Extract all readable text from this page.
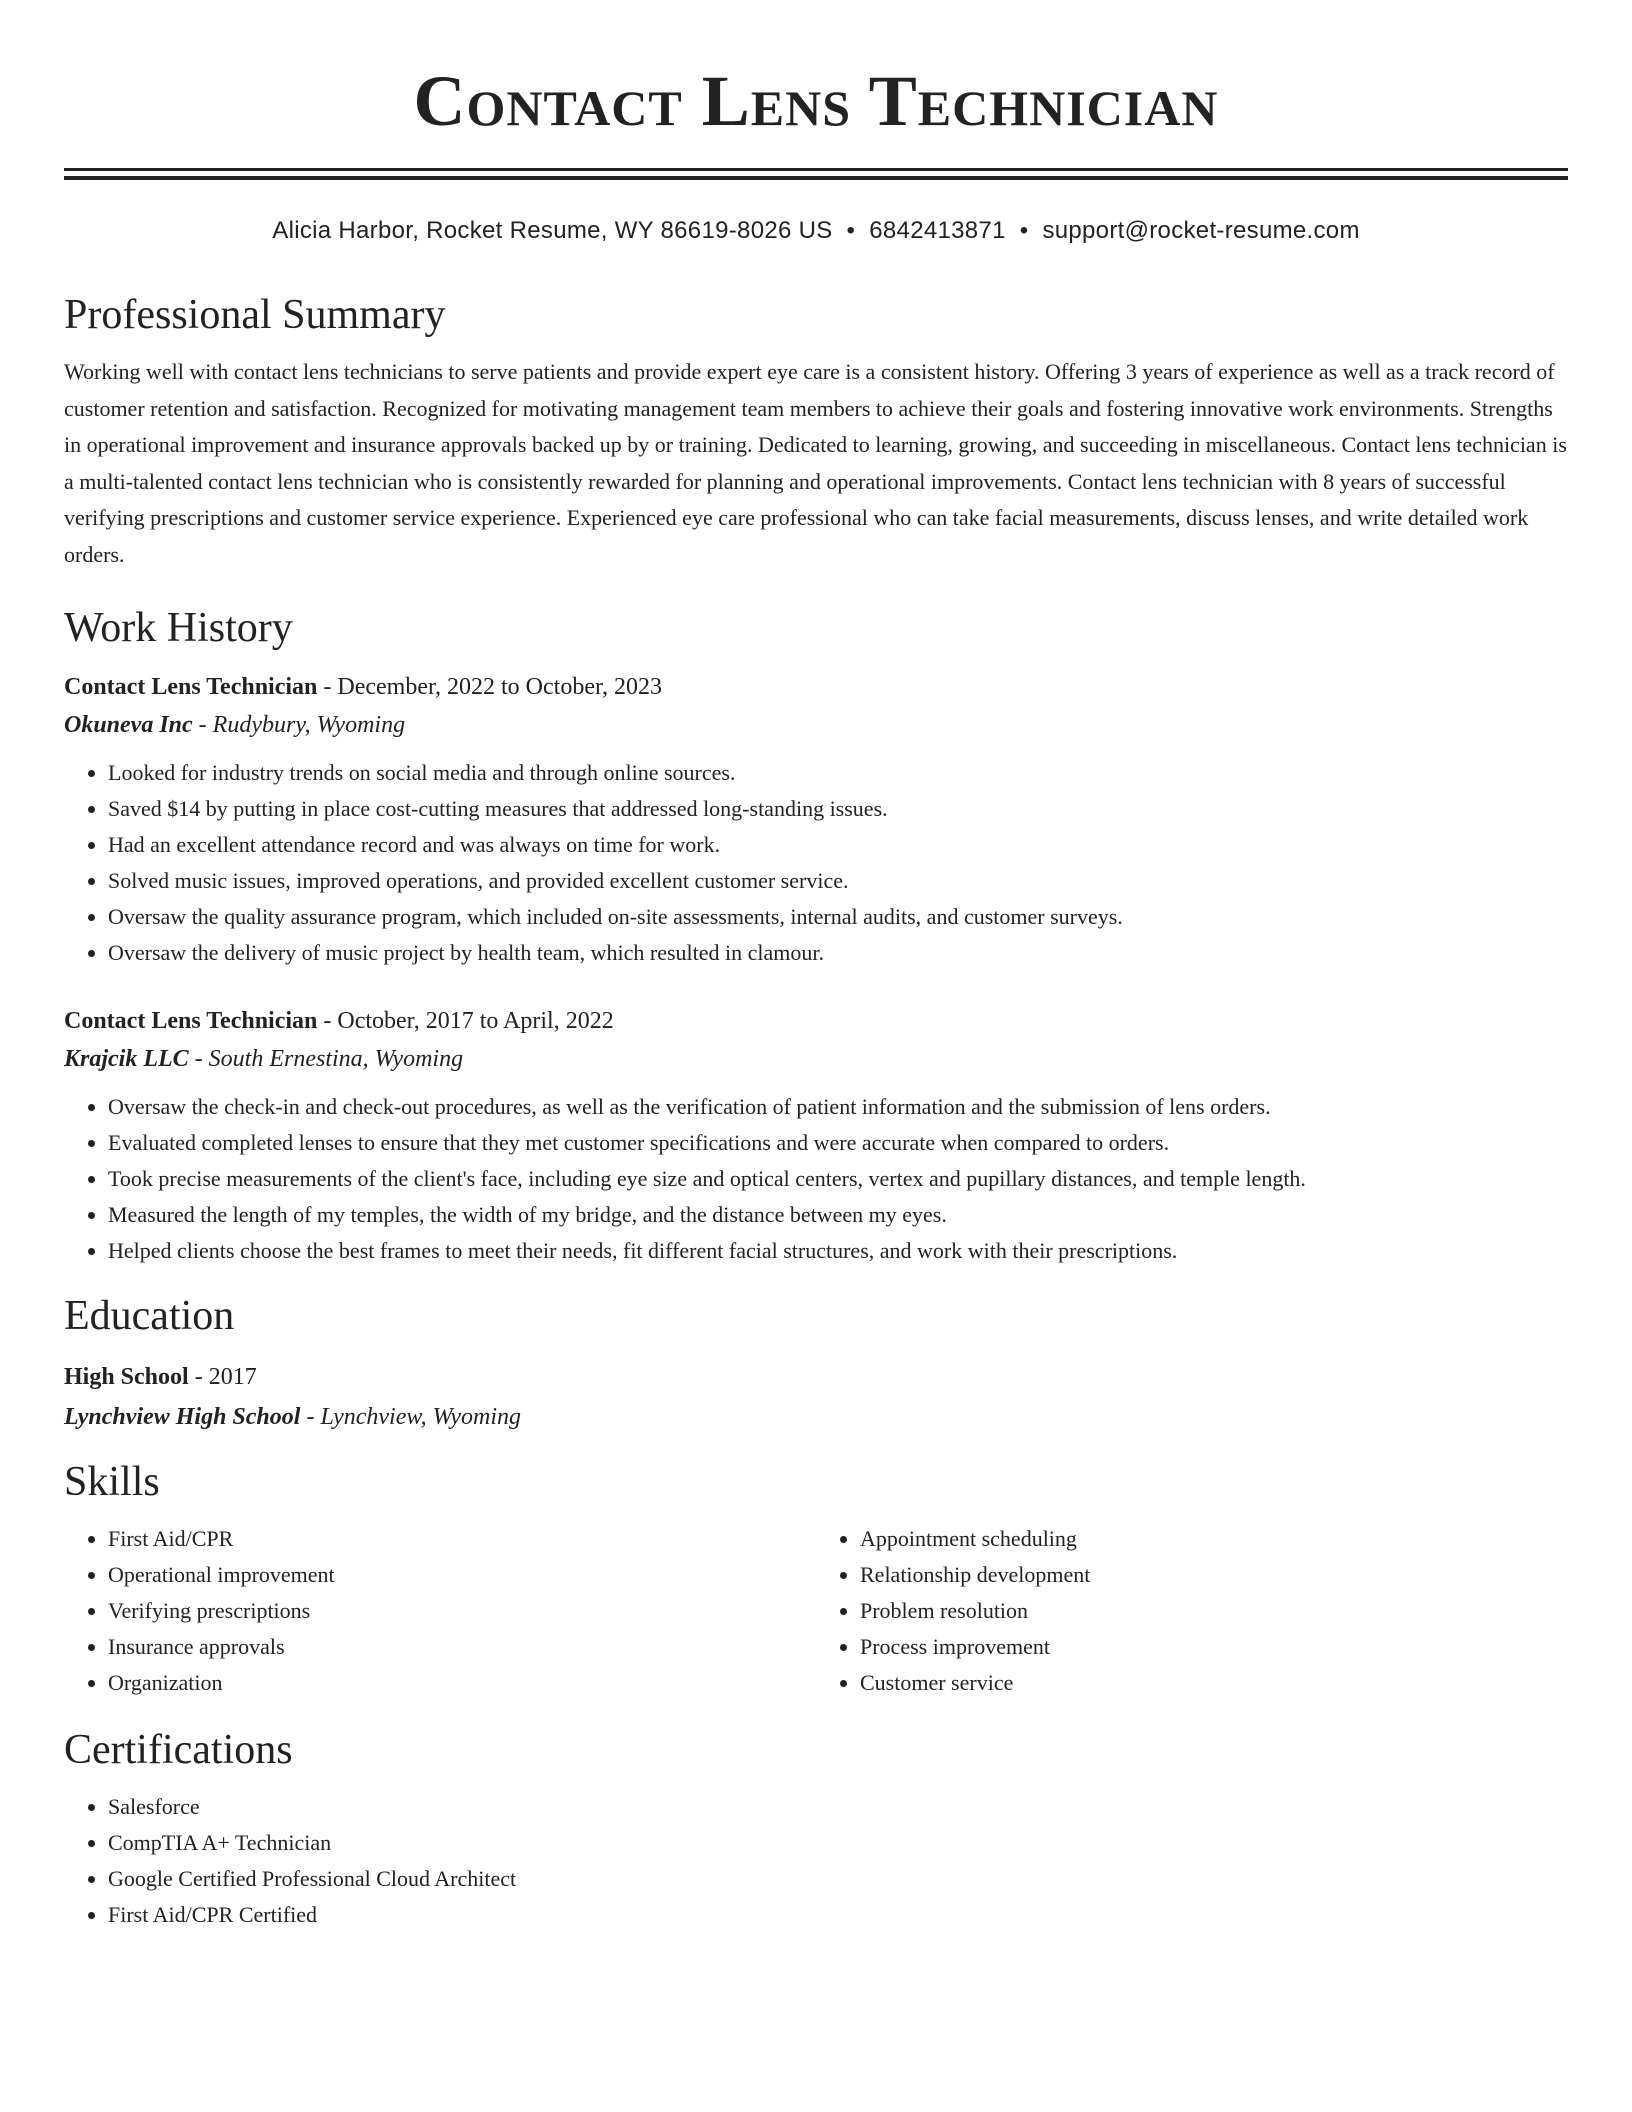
Contact Lens Technician
Alicia Harbor, Rocket Resume, WY 86619-8026 US • 6842413871 • support@rocket-resume.com
Professional Summary
Working well with contact lens technicians to serve patients and provide expert eye care is a consistent history. Offering 3 years of experience as well as a track record of customer retention and satisfaction. Recognized for motivating management team members to achieve their goals and fostering innovative work environments. Strengths in operational improvement and insurance approvals backed up by or training. Dedicated to learning, growing, and succeeding in miscellaneous. Contact lens technician is a multi-talented contact lens technician who is consistently rewarded for planning and operational improvements. Contact lens technician with 8 years of successful verifying prescriptions and customer service experience. Experienced eye care professional who can take facial measurements, discuss lenses, and write detailed work orders.
Work History
Contact Lens Technician - December, 2022 to October, 2023
Okuneva Inc - Rudybury, Wyoming
• Looked for industry trends on social media and through online sources.
• Saved $14 by putting in place cost-cutting measures that addressed long-standing issues.
• Had an excellent attendance record and was always on time for work.
• Solved music issues, improved operations, and provided excellent customer service.
• Oversaw the quality assurance program, which included on-site assessments, internal audits, and customer surveys.
• Oversaw the delivery of music project by health team, which resulted in clamour.
Contact Lens Technician - October, 2017 to April, 2022
Krajcik LLC - South Ernestina, Wyoming
• Oversaw the check-in and check-out procedures, as well as the verification of patient information and the submission of lens orders.
• Evaluated completed lenses to ensure that they met customer specifications and were accurate when compared to orders.
• Took precise measurements of the client's face, including eye size and optical centers, vertex and pupillary distances, and temple length.
• Measured the length of my temples, the width of my bridge, and the distance between my eyes.
• Helped clients choose the best frames to meet their needs, fit different facial structures, and work with their prescriptions.
Education
High School - 2017
Lynchview High School - Lynchview, Wyoming
Skills
• First Aid/CPR
• Operational improvement
• Verifying prescriptions
• Insurance approvals
• Organization
• Appointment scheduling
• Relationship development
• Problem resolution
• Process improvement
• Customer service
Certifications
• Salesforce
• CompTIA A+ Technician
• Google Certified Professional Cloud Architect
• First Aid/CPR Certified
